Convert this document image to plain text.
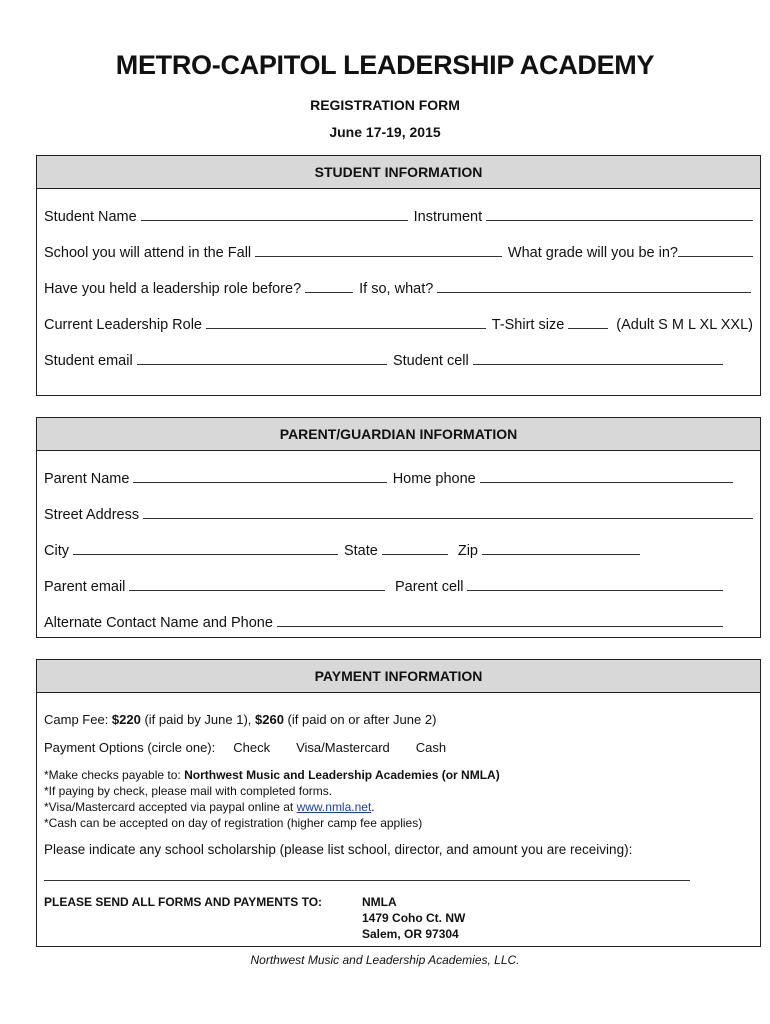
METRO-CAPITOL LEADERSHIP ACADEMY
REGISTRATION FORM
June 17-19, 2015
STUDENT INFORMATION
Student Name	Instrument
School you will attend in the Fall	What grade will you be in?
Have you held a leadership role before?	If so, what?
Current Leadership Role	T-Shirt size	(Adult S M L XL XXL)
Student email	Student cell
PARENT/GUARDIAN INFORMATION
Parent Name	Home phone
Street Address
City	State	Zip
Parent email	Parent cell
Alternate Contact Name and Phone
PAYMENT INFORMATION
Camp Fee: $220 (if paid by June 1), $260 (if paid on or after June 2)
Payment Options (circle one): Check Visa/Mastercard Cash
*Make checks payable to: Northwest Music and Leadership Academies (or NMLA)
*If paying by check, please mail with completed forms.
*Visa/Mastercard accepted via paypal online at www.nmla.net.
*Cash can be accepted on day of registration (higher camp fee applies)
Please indicate any school scholarship (please list school, director, and amount you are receiving):
PLEASE SEND ALL FORMS AND PAYMENTS TO:	NMLA
1479 Coho Ct. NW
Salem, OR 97304
Northwest Music and Leadership Academies, LLC.
